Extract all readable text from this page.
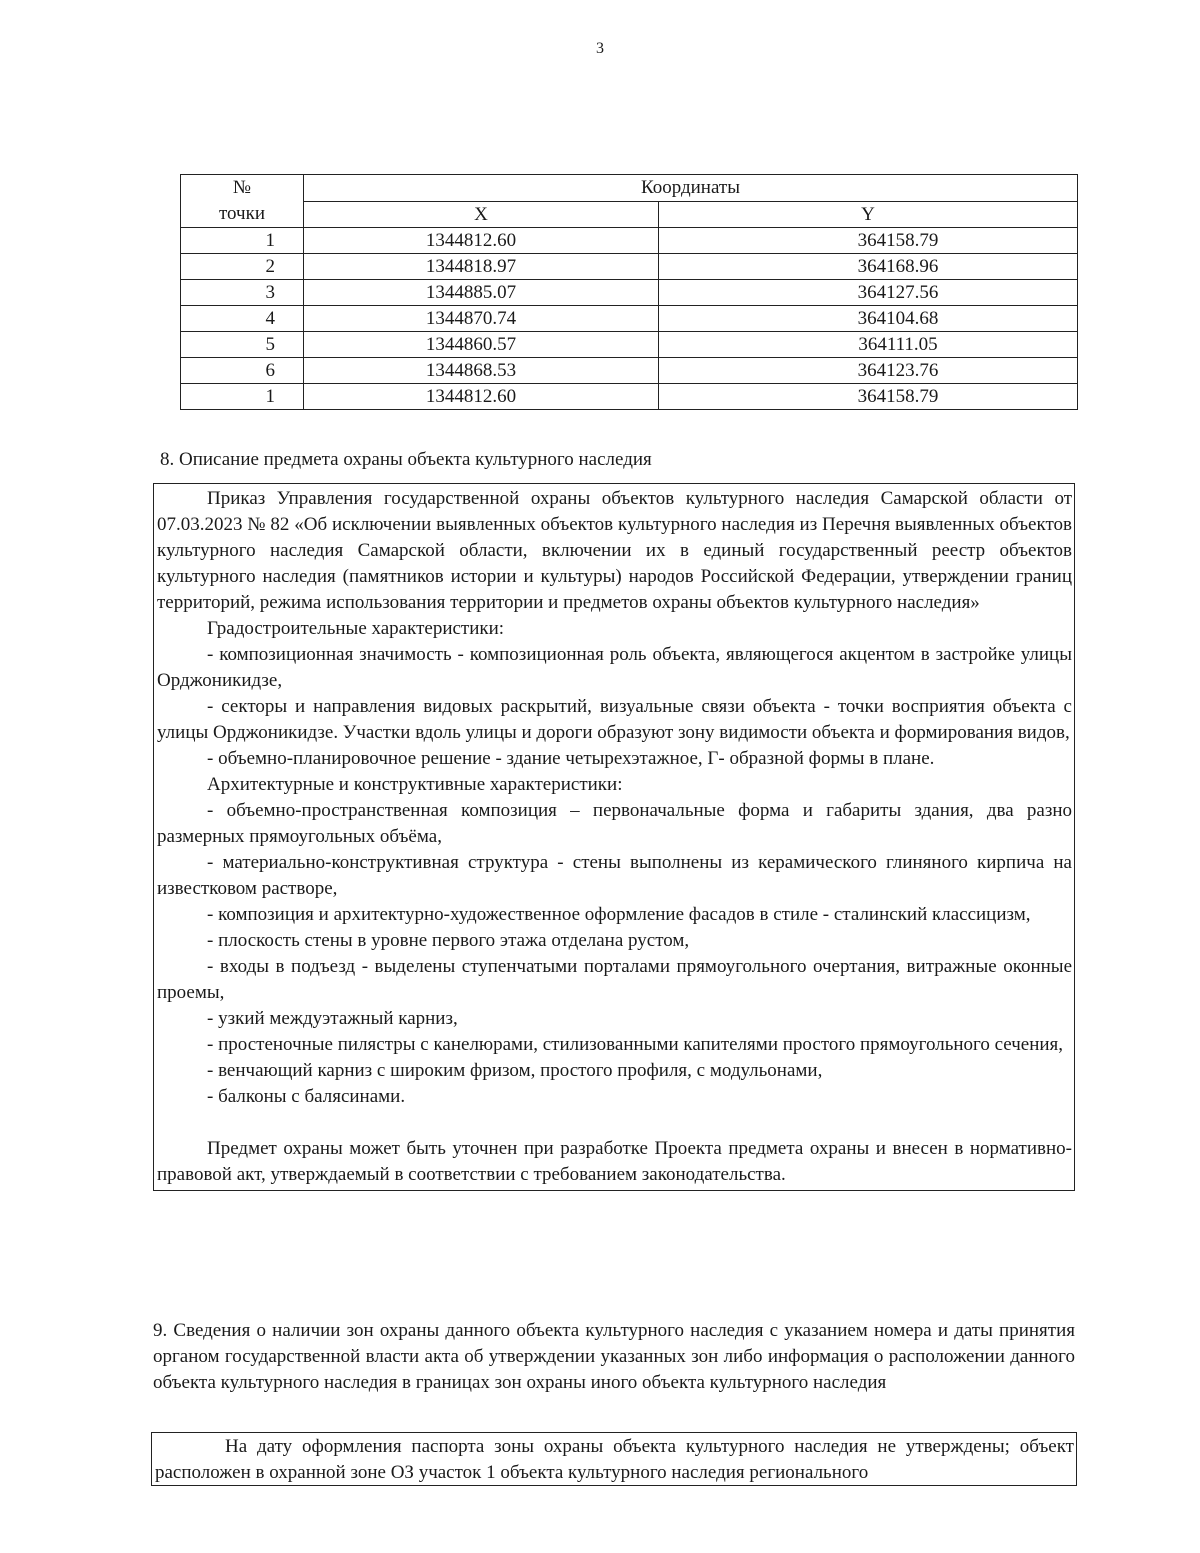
3
№
точки	Координаты	
	X	Y
1	1344812.60	364158.79
2	1344818.97	364168.96
3	1344885.07	364127.56
4	1344870.74	364104.68
5	1344860.57	364111.05
6	1344868.53	364123.76
1	1344812.60	364158.79
8. Описание предмета охраны объекта культурного наследия

Приказ Управления государственной охраны объектов культурного наследия Самарской области от 07.03.2023 № 82 «Об исключении выявленных объектов культурного наследия из Перечня выявленных объектов культурного наследия Самарской области, включении их в единый государственный реестр объектов культурного наследия (памятников истории и культуры) народов Российской Федерации, утверждении границ территорий, режима использования территории и предметов охраны объектов культурного наследия»

Градостроительные характеристики:

- композиционная значимость - композиционная роль объекта, являющегося акцентом в застройке улицы Орджоникидзе,

- секторы и направления видовых раскрытий, визуальные связи объекта - точки восприятия объекта с улицы Орджоникидзе. Участки вдоль улицы и дороги образуют зону видимости объекта и формирования видов,

- объемно-планировочное решение - здание четырехэтажное, Г- образной формы в плане.

Архитектурные и конструктивные характеристики:

- объемно-пространственная композиция – первоначальные форма и габариты здания, два разно размерных прямоугольных объёма,

- материально-конструктивная структура - стены выполнены из керамического глиняного кирпича на известковом растворе,

- композиция и архитектурно-художественное оформление фасадов в стиле - сталинский классицизм,

- плоскость стены в уровне первого этажа отделана рустом,

- входы в подъезд - выделены ступенчатыми порталами прямоугольного очертания, витражные оконные проемы,

- узкий междуэтажный карниз,

- простеночные пилястры с канелюрами, стилизованными капителями простого прямоугольного сечения,

- венчающий карниз с широким фризом, простого профиля, с модульонами,

- балконы с балясинами.

Предмет охраны может быть уточнен при разработке Проекта предмета охраны и внесен в нормативно-правовой акт, утверждаемый в соответствии с требованием законодательства.

9. Сведения о наличии зон охраны данного объекта культурного наследия с указанием номера и даты принятия органом государственной власти акта об утверждении указанных зон либо информация о расположении данного объекта культурного наследия в границах зон охраны иного объекта культурного наследия

На дату оформления паспорта зоны охраны объекта культурного наследия не утверждены; объект расположен в охранной зоне ОЗ участок 1 объекта культурного наследия регионального
